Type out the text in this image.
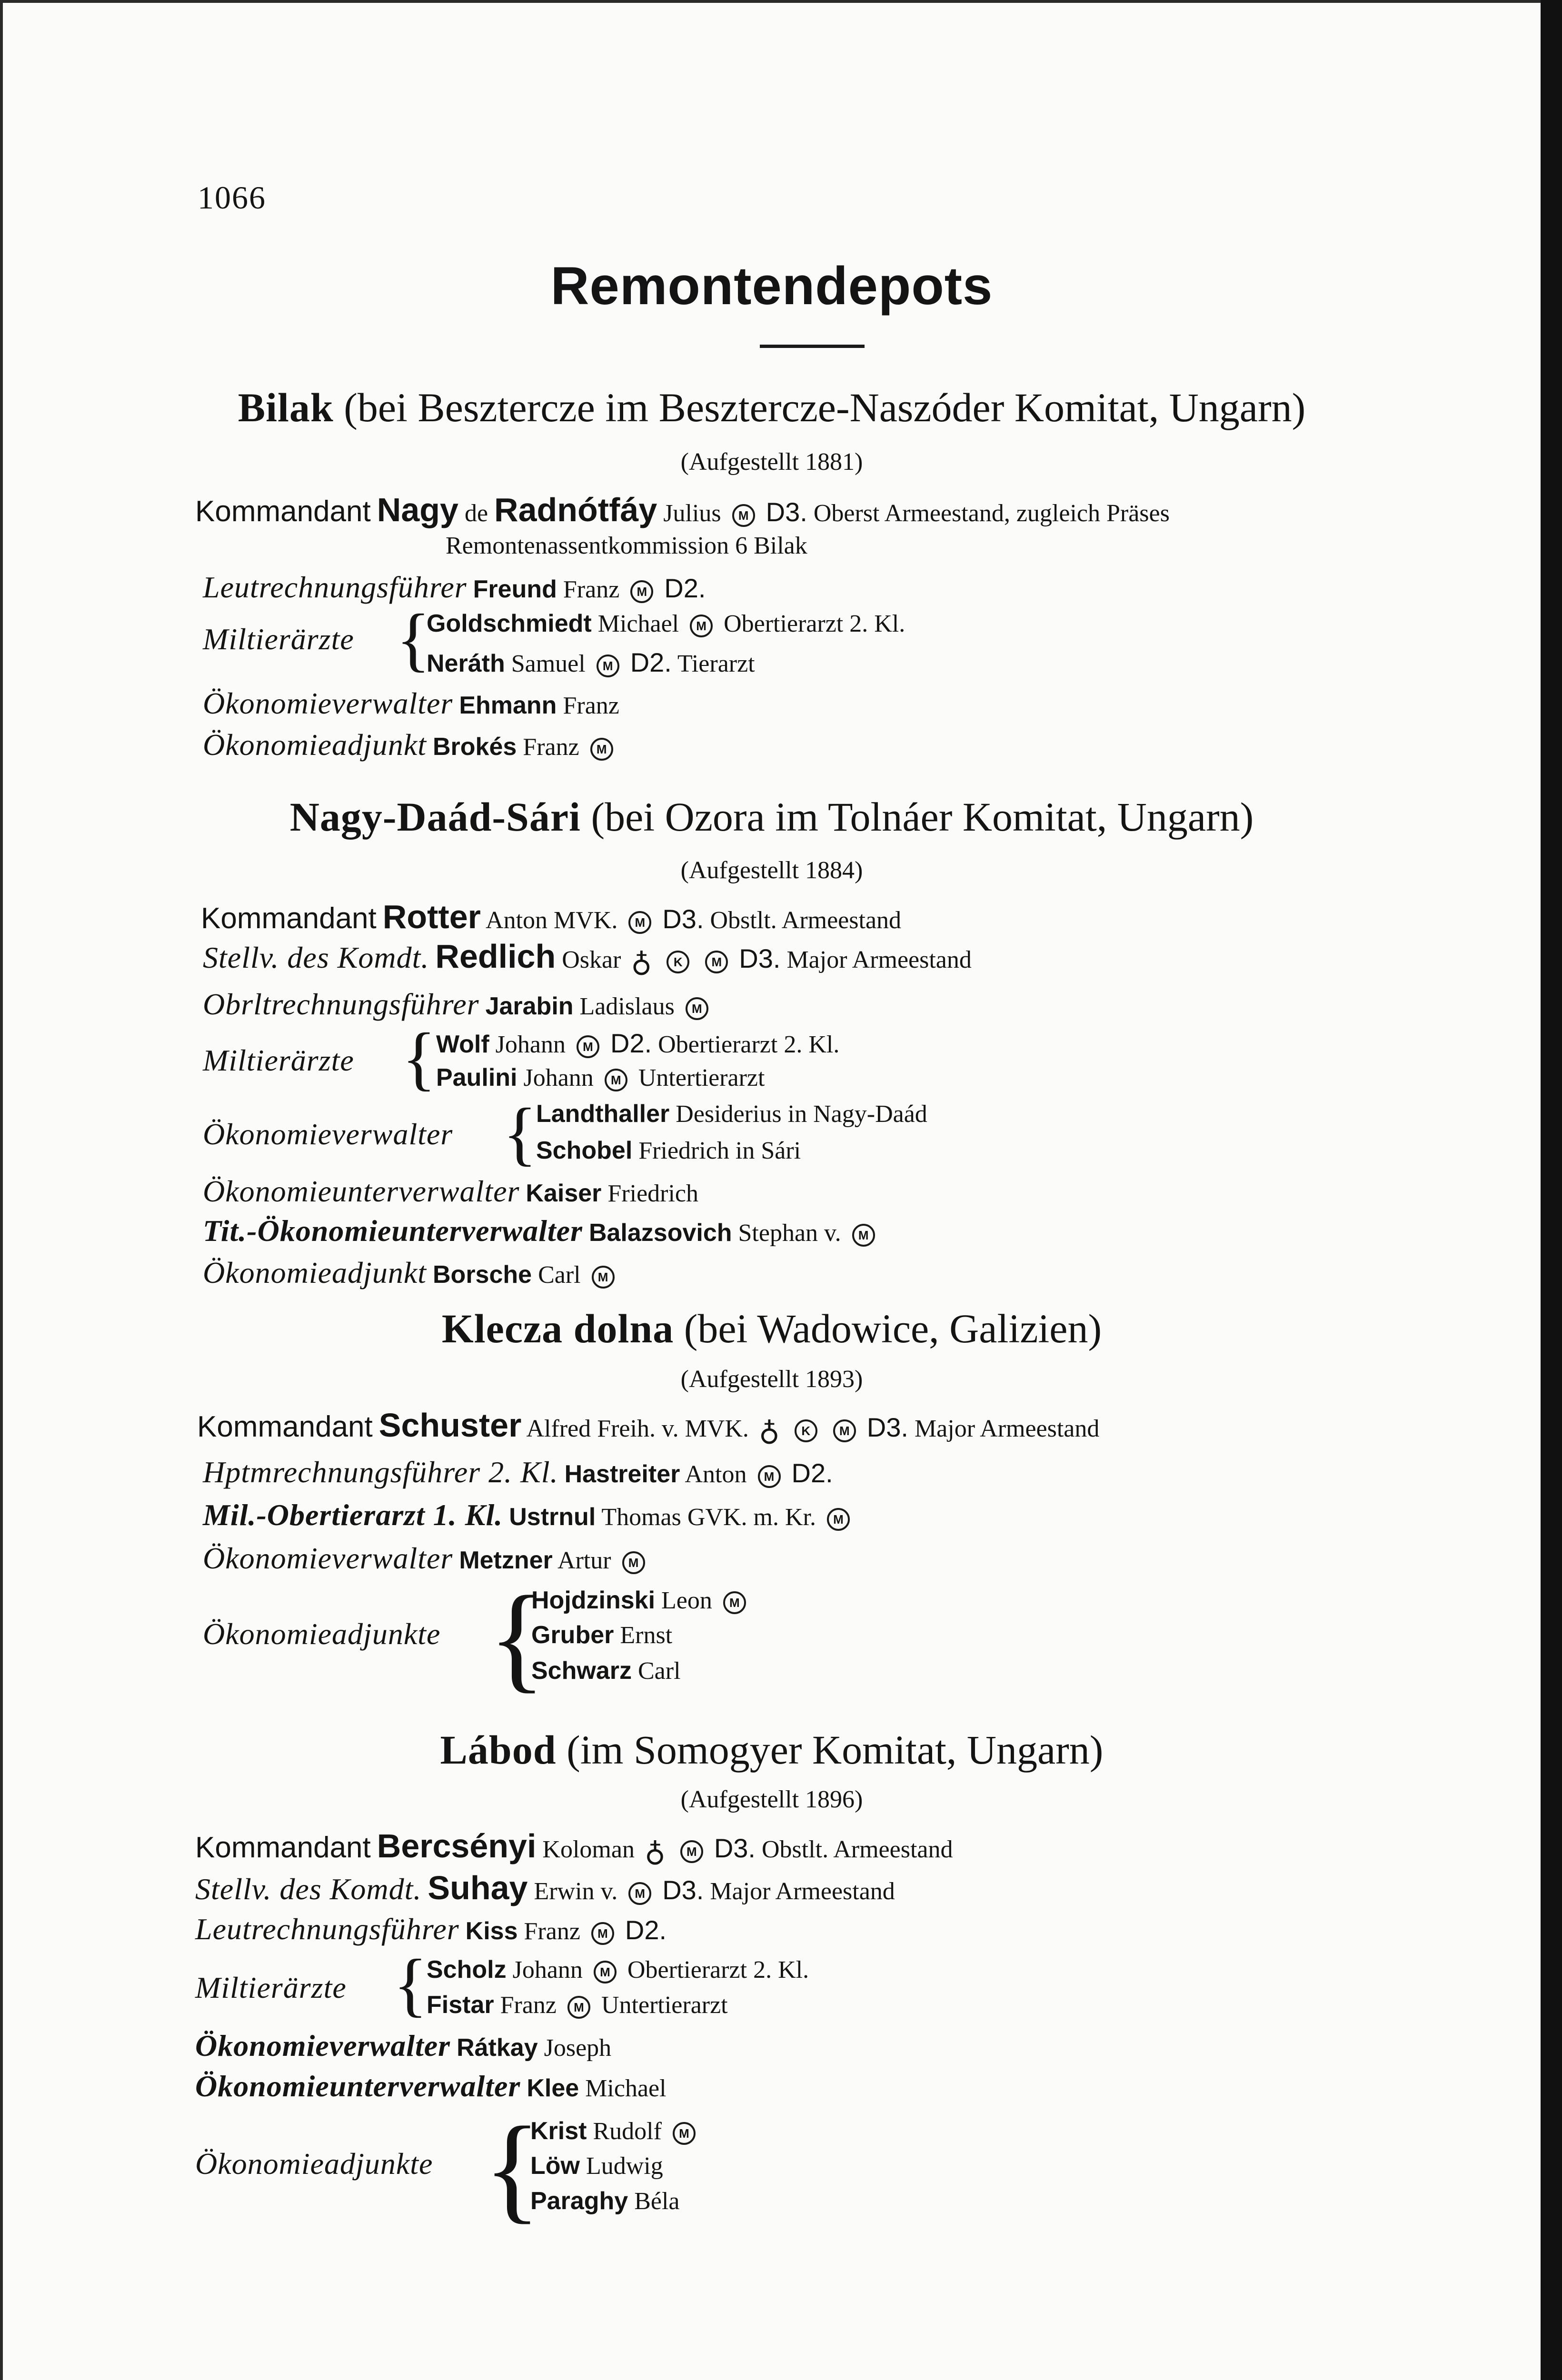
1066
Remontendepots
Bilak (bei Besztercze im Besztercze-Naszóder Komitat, Ungarn)
(Aufgestellt 1881)
Kommandant Nagy de Radnótfáy Julius M D3. Oberst Armeestand, zugleich Präses
Remontenassentkommission 6 Bilak
Leutrechnungsführer Freund Franz M D2.
Miltierärzte {
Goldschmiedt Michael M Obertierarzt 2. Kl.
Neráth Samuel M D2. Tierarzt
Ökonomieverwalter Ehmann Franz
Ökonomieadjunkt Brokés Franz M
Nagy-Daád-Sári (bei Ozora im Tolnáer Komitat, Ungarn)
(Aufgestellt 1884)
Kommandant Rotter Anton MVK. M D3. Obstlt. Armeestand
Stellv. des Komdt. Redlich Oskar ♁ K M D3. Major Armeestand
Obrltrechnungsführer Jarabin Ladislaus M
Miltierärzte { Wolf Johann M D2. Obertierarzt 2. Kl.
Paulini Johann M Untertierarzt
Ökonomieverwalter {
Landthaller Desiderius in Nagy-Daád
Schobel Friedrich in Sári
Ökonomieunterverwalter Kaiser Friedrich
Tit.-Ökonomieunterverwalter Balazsovich Stephan v. M
Ökonomieadjunkt Borsche Carl M
Klecza dolna (bei Wadowice, Galizien)
(Aufgestellt 1893)
Kommandant Schuster Alfred Freih. v. MVK. ♁ K M D3. Major Armeestand
Hptmrechnungsführer 2. Kl. Hastreiter Anton M D2.
Mil.-Obertierarzt 1. Kl. Ustrnul Thomas GVK. m. Kr. M
Ökonomieverwalter Metzner Artur M
Ökonomieadjunkte {
Hojdzinski Leon M
Gruber Ernst
Schwarz Carl
Lábod (im Somogyer Komitat, Ungarn)
(Aufgestellt 1896)
Kommandant Bercsényi Koloman ♁ M D3. Obstlt. Armeestand
Stellv. des Komdt. Suhay Erwin v. M D3. Major Armeestand
Leutrechnungsführer Kiss Franz M D2.
Miltierärzte {
Scholz Johann M Obertierarzt 2. Kl.
Fistar Franz M Untertierarzt
Ökonomieverwalter Rátkay Joseph
Ökonomieunterverwalter Klee Michael
Ökonomieadjunkte {
Krist Rudolf M
Löw Ludwig
Paraghy Béla
